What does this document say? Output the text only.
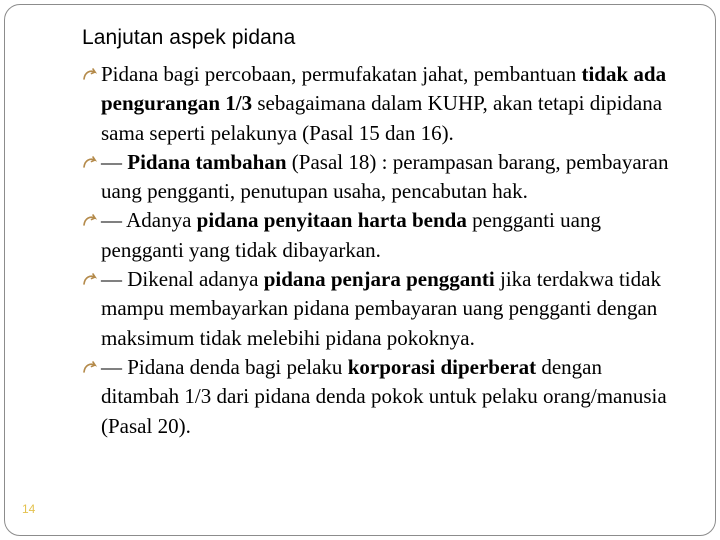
Lanjutan aspek pidana
Pidana bagi percobaan, permufakatan jahat, pembantuan tidak ada pengurangan 1/3 sebagaimana dalam KUHP, akan tetapi dipidana sama seperti pelakunya (Pasal 15 dan 16).
— Pidana tambahan (Pasal 18) : perampasan barang, pembayaran uang pengganti, penutupan usaha, pencabutan hak.
— Adanya pidana penyitaan harta benda pengganti uang pengganti yang tidak dibayarkan.
— Dikenal adanya pidana penjara pengganti jika terdakwa tidak mampu membayarkan pidana pembayaran uang pengganti dengan maksimum tidak melebihi pidana pokoknya.
— Pidana denda bagi pelaku korporasi diperberat dengan ditambah 1/3 dari pidana denda pokok untuk pelaku orang/manusia (Pasal 20).
14
